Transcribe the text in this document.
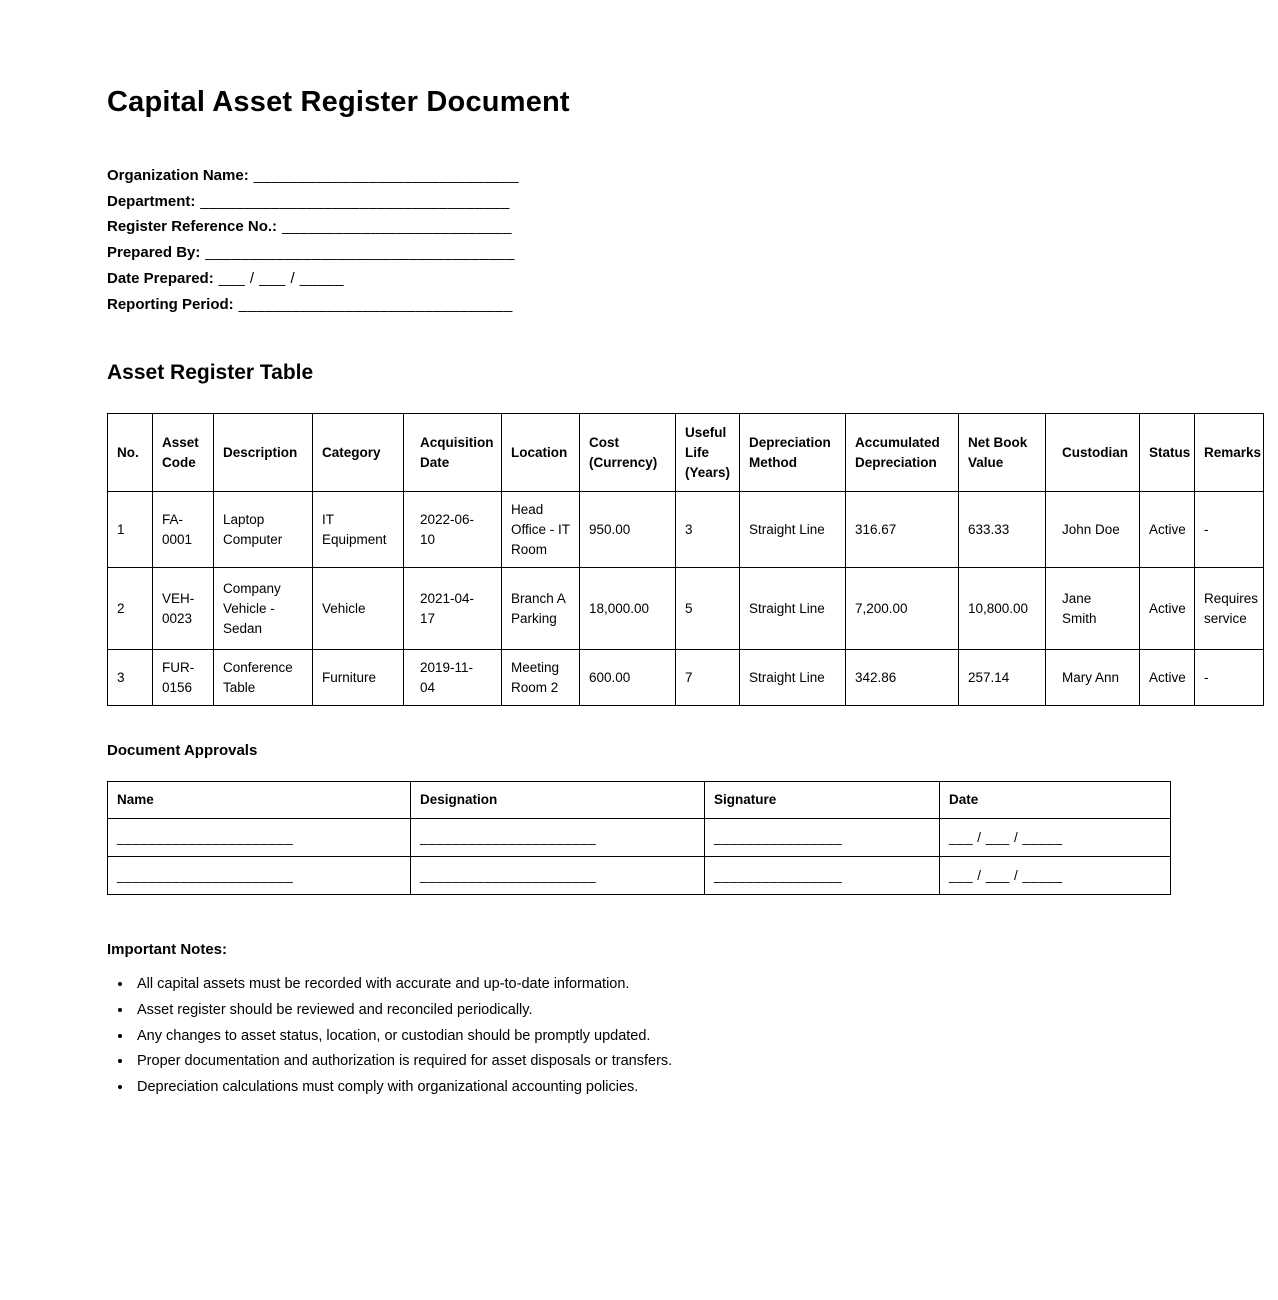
Capital Asset Register Document
Organization Name: ______________________________
Department: ___________________________________
Register Reference No.: __________________________
Prepared By: ___________________________________
Date Prepared: ___ / ___ / _____
Reporting Period: _______________________________
Asset Register Table
No.	Asset Code	Description	Category	Acquisition Date	Location	Cost (Currency)	Useful Life (Years)	Depreciation Method	Accumulated Depreciation	Net Book Value	Custodian	Status	Remarks
1	FA-0001	Laptop Computer	IT Equipment	2022-06-10	Head Office - IT Room	950.00	3	Straight Line	316.67	633.33	John Doe	Active	-
2	VEH-0023	Company Vehicle - Sedan	Vehicle	2021-04-17	Branch A Parking	18,000.00	5	Straight Line	7,200.00	10,800.00	Jane Smith	Active	Requires service
3	FUR-0156	Conference Table	Furniture	2019-11-04	Meeting Room 2	600.00	7	Straight Line	342.86	257.14	Mary Ann	Active	-
Document Approvals
Name	Designation	Signature	Date
______________________	______________________	________________	___ / ___ / _____
______________________	______________________	________________	___ / ___ / _____
Important Notes:
• All capital assets must be recorded with accurate and up-to-date information.
• Asset register should be reviewed and reconciled periodically.
• Any changes to asset status, location, or custodian should be promptly updated.
• Proper documentation and authorization is required for asset disposals or transfers.
• Depreciation calculations must comply with organizational accounting policies.
